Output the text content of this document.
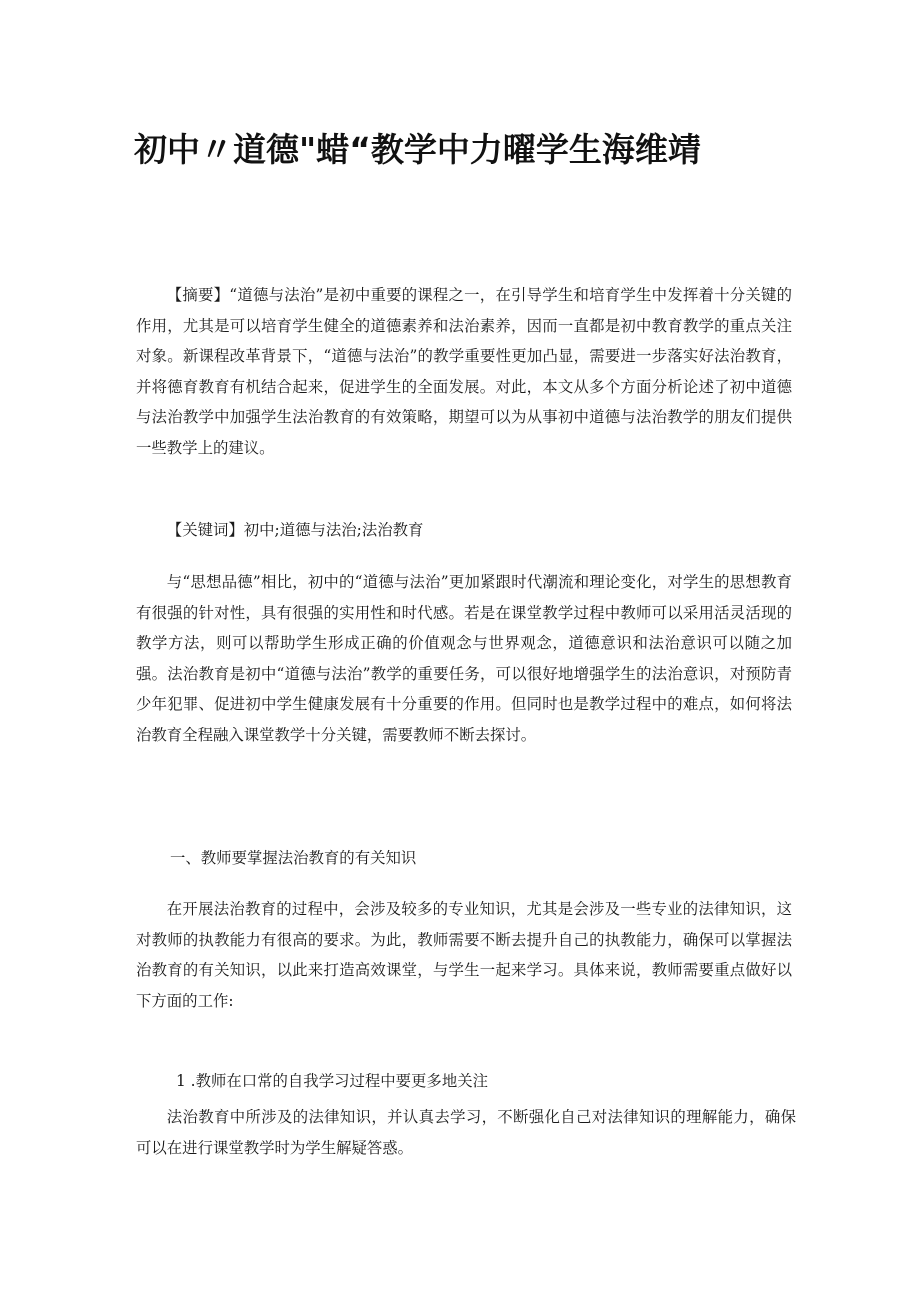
初中〃道德"蜡“教学中力曜学生海维靖

【摘要】“道德与法治”是初中重要的课程之一，在引导学生和培育学生中发挥着十分关键的作用，尤其是可以培育学生健全的道德素养和法治素养，因而一直都是初中教育教学的重点关注对象。新课程改革背景下，“道德与法治”的教学重要性更加凸显，需要进一步落实好法治教育，并将德育教育有机结合起来，促进学生的全面发展。对此，本文从多个方面分析论述了初中道德与法治教学中加强学生法治教育的有效策略，期望可以为从事初中道德与法治教学的朋友们提供一些教学上的建议。

【关键词】初中;道德与法治;法治教育

与“思想品德”相比，初中的“道德与法治”更加紧跟时代潮流和理论变化，对学生的思想教育有很强的针对性，具有很强的实用性和时代感。若是在课堂教学过程中教师可以采用活灵活现的教学方法，则可以帮助学生形成正确的价值观念与世界观念，道德意识和法治意识可以随之加强。法治教育是初中“道德与法治”教学的重要任务，可以很好地增强学生的法治意识，对预防青少年犯罪、促进初中学生健康发展有十分重要的作用。但同时也是教学过程中的难点，如何将法治教育全程融入课堂教学十分关键，需要教师不断去探讨。

一、教师要掌握法治教育的有关知识

在开展法治教育的过程中，会涉及较多的专业知识，尤其是会涉及一些专业的法律知识，这对教师的执教能力有很高的要求。为此，教师需要不断去提升自己的执教能力，确保可以掌握法治教育的有关知识，以此来打造高效课堂，与学生一起来学习。具体来说，教师需要重点做好以下方面的工作:

1 .教师在口常的自我学习过程中要更多地关注

法治教育中所涉及的法律知识，并认真去学习，不断强化自己对法律知识的理解能力，确保可以在进行课堂教学时为学生解疑答惑。
